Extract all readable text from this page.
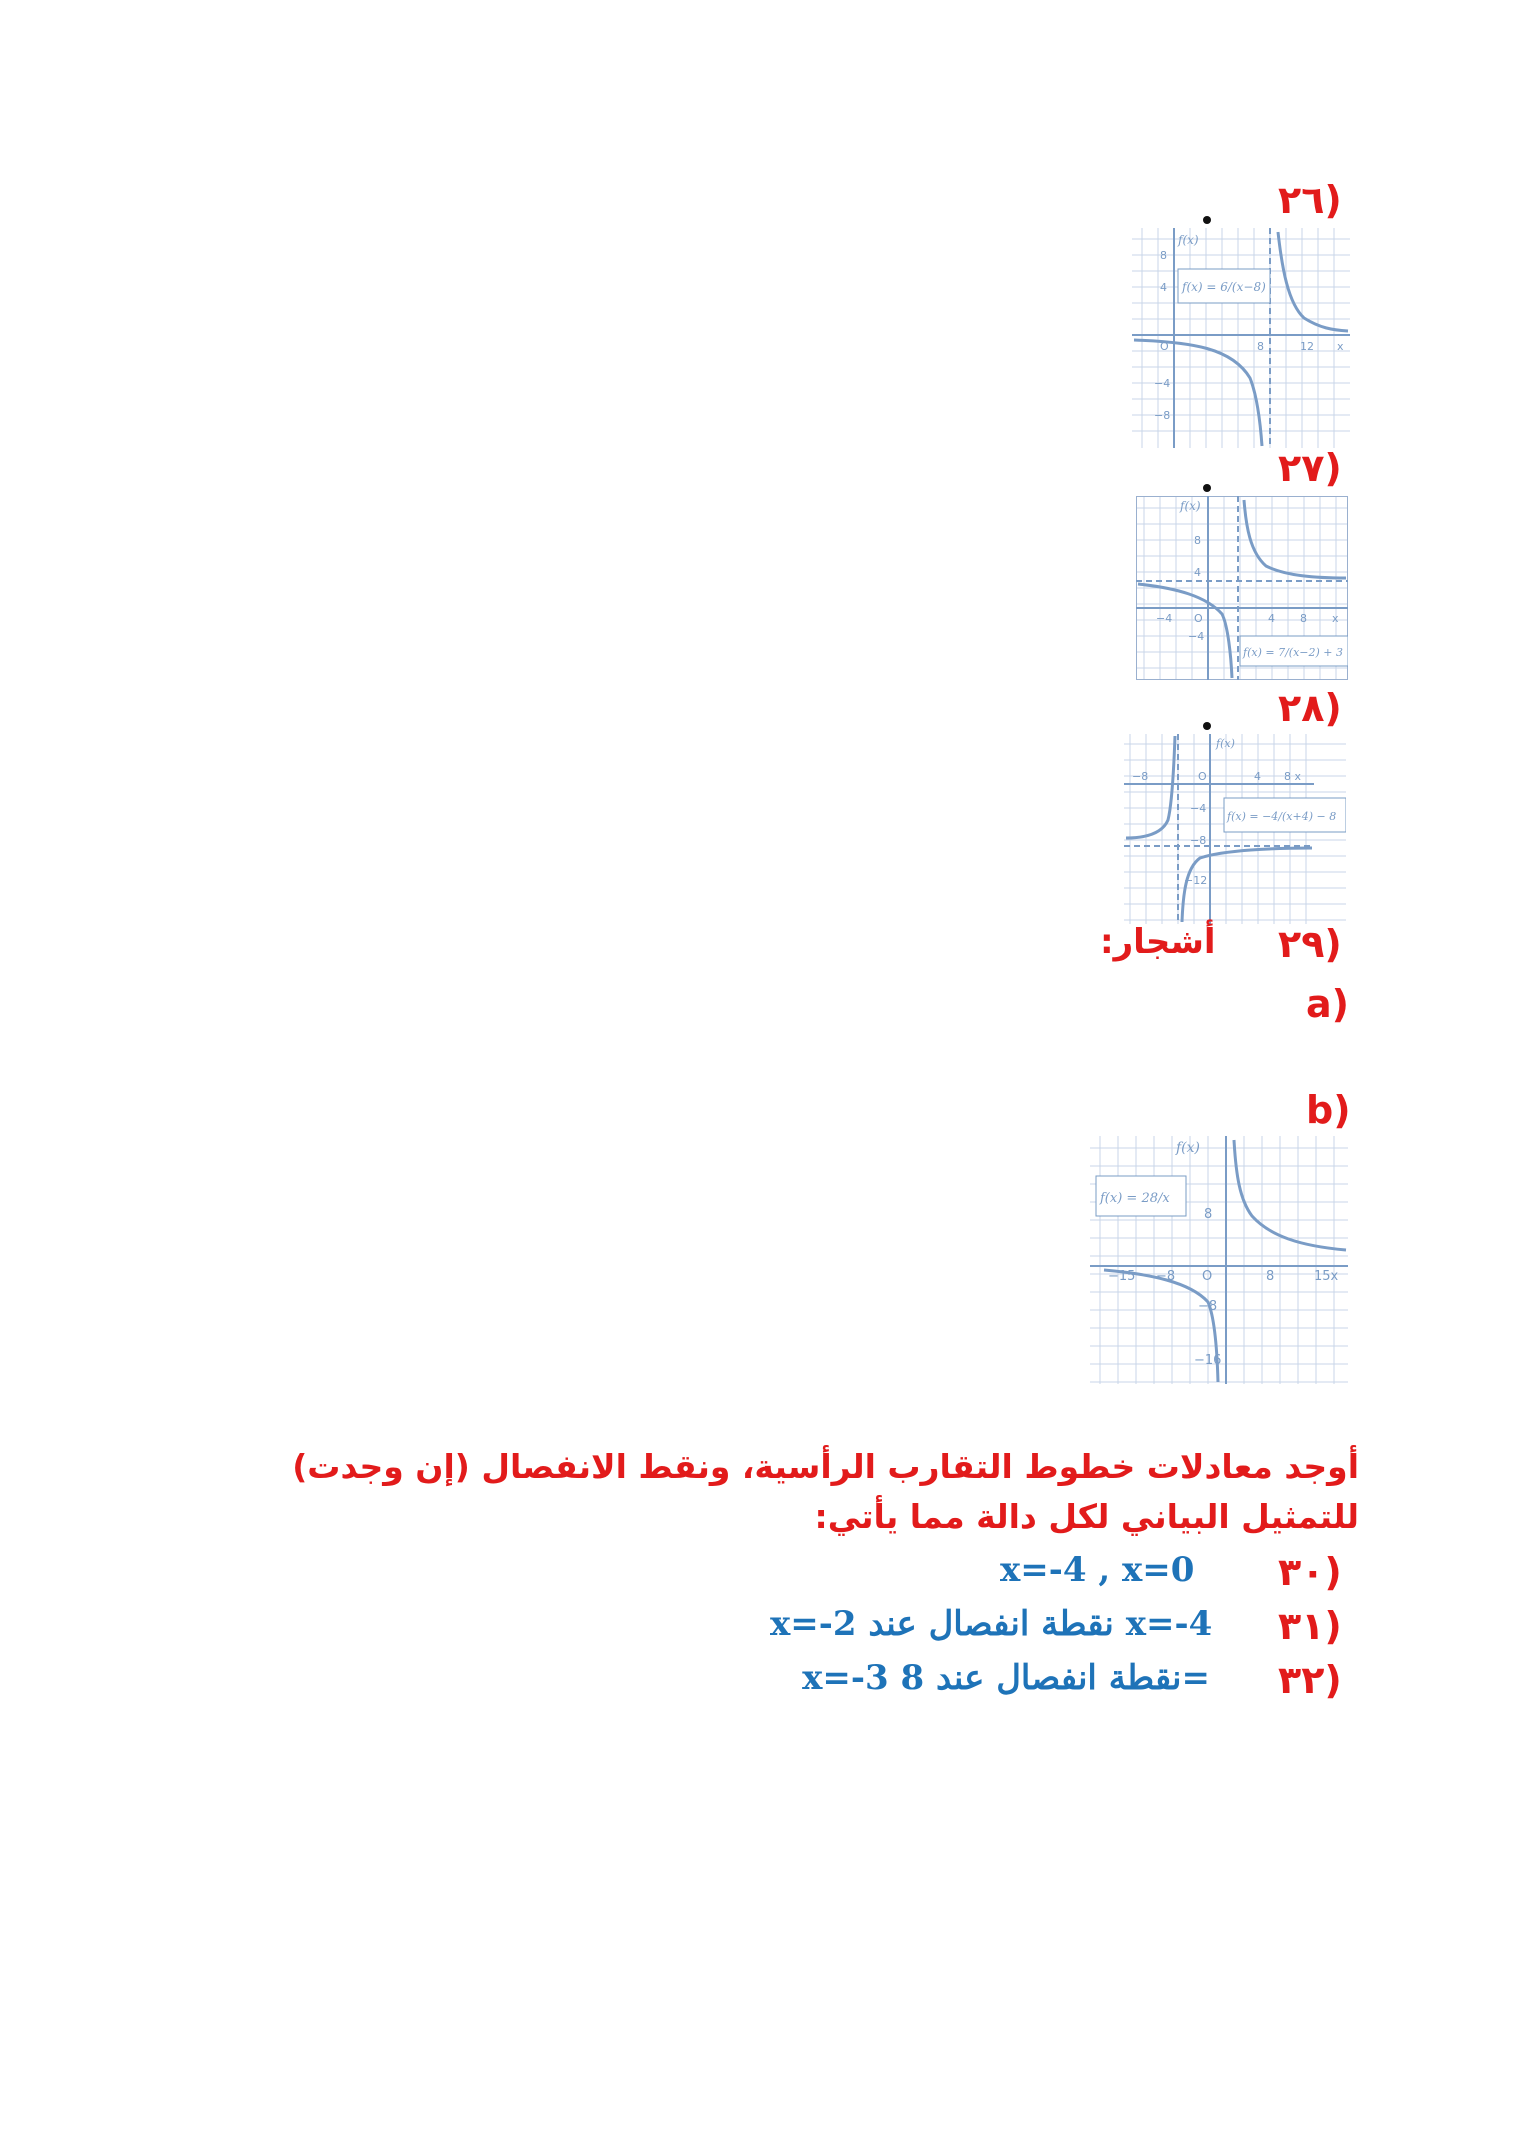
(٢٦
f(x) = 6/(x−8)
f(x)
8
4
−4
−8
O	8	12 x
(٢٧
f(x) = 7/(x−2) + 3
f(x)
8
4
−4
−4 O	4 8 x
(٢٨
f(x) = −4/(x+4) − 8
f(x)
−4
−8
−12
−8	O	4 8 x
(٢٩
أشجار:
(a
(b
f(x) = 28/x
f(x)
8
−8
−16
−15 −8 O	8	15x
أوجد معادلات خطوط التقارب الرأسية، ونقط الانفصال (إن وجدت) للتمثيل البياني لكل دالة مما يأتي:
(٣٠
x=-4 , x=0
(٣١
x=-2 نقطة انفصال عند x=-4
(٣٢
x=-3 نقطة انفصال عند 8=
